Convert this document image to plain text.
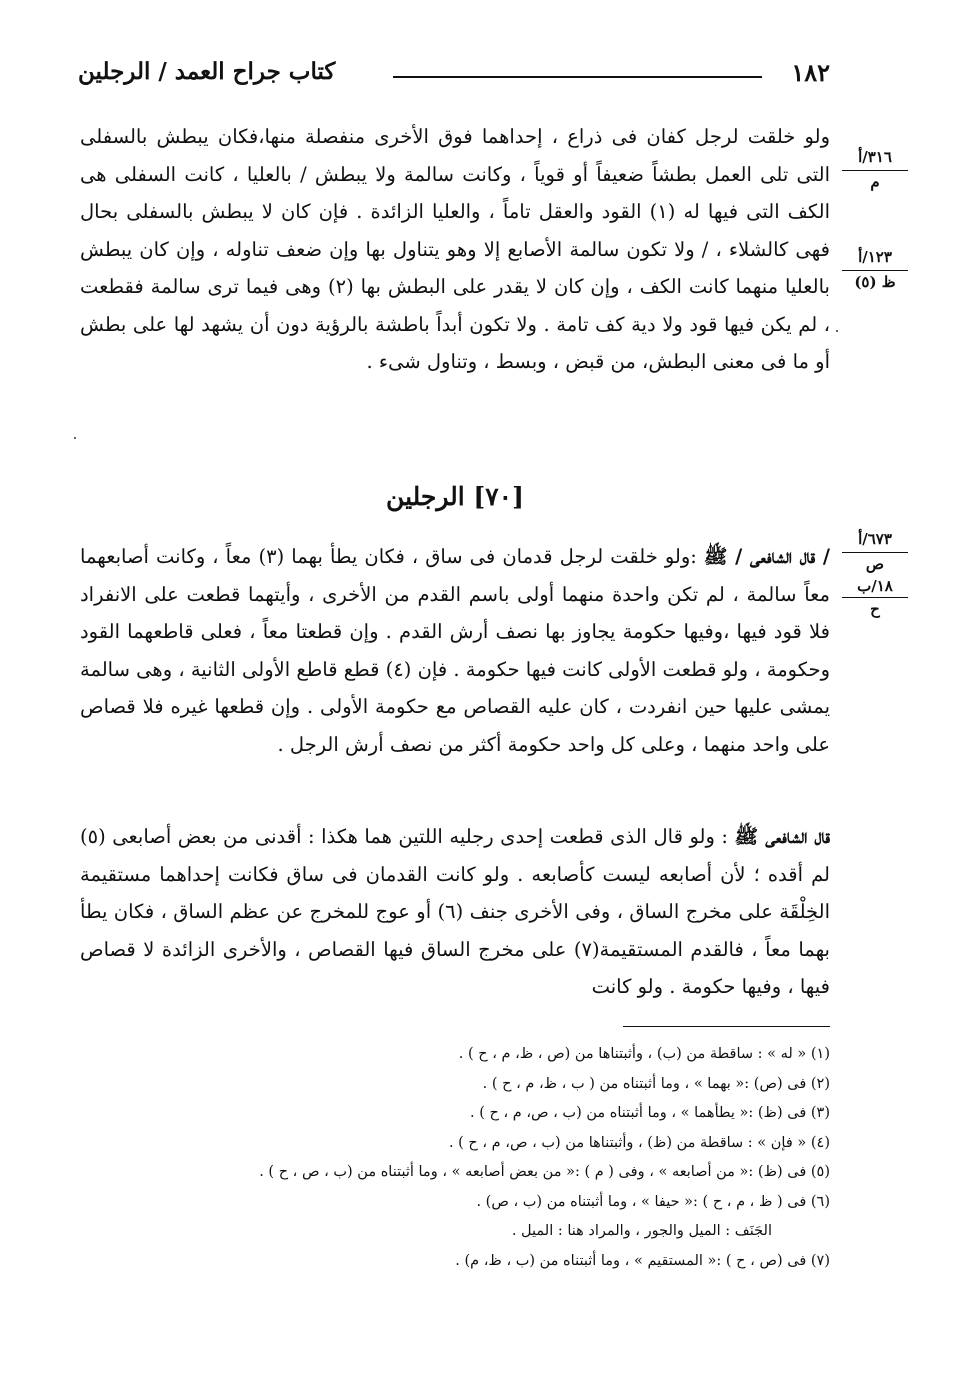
١٨٢
كتاب جراح العمد / الرجلين
٣١٦/أ
م
١٢٣/أ
ظ (٥)
٦٧٣/أ
ص
١٨/ب
ح

ولو خلقت لرجل كفان فى ذراع ، إحداهما فوق الأخرى منفصلة منها،فكان يبطش بالسفلى التى تلى العمل بطشاً ضعيفاً أو قوياً ، وكانت سالمة ولا يبطش / بالعليا ، كانت السفلى هى الكف التى فيها له (١) القود والعقل تاماً ، والعليا الزائدة . فإن كان لا يبطش بالسفلى بحال فهى كالشلاء ، / ولا تكون سالمة الأصابع إلا وهو يتناول بها وإن ضعف تناوله ، وإن كان يبطش بالعليا منهما كانت الكف ، وإن كان لا يقدر على البطش بها (٢) وهى فيما ترى سالمة فقطعت ، لم يكن فيها قود ولا دية كف تامة . ولا تكون أبداً باطشة بالرؤية دون أن يشهد لها على بطش أو ما فى معنى البطش، من قبض ، وبسط ، وتناول شىء .

[٧٠] الرجلين

/ قال الشافعى / ﷺ :ولو خلقت لرجل قدمان فى ساق ، فكان يطأ بهما (٣) معاً ، وكانت أصابعهما معاً سالمة ، لم تكن واحدة منهما أولى باسم القدم من الأخرى ، وأيتهما قطعت على الانفراد فلا قود فيها ،وفيها حكومة يجاوز بها نصف أرش القدم . وإن قطعتا معاً ، فعلى قاطعهما القود وحكومة ، ولو قطعت الأولى كانت فيها حكومة . فإن (٤) قطع قاطع الأولى الثانية ، وهى سالمة يمشى عليها حين انفردت ، كان عليه القصاص مع حكومة الأولى . وإن قطعها غيره فلا قصاص على واحد منهما ، وعلى كل واحد حكومة أكثر من نصف أرش الرجل .

قال الشافعى ﷺ : ولو قال الذى قطعت إحدى رجليه اللتين هما هكذا : أقدنى من بعض أصابعى (٥) لم أقده ؛ لأن أصابعه ليست كأصابعه . ولو كانت القدمان فى ساق فكانت إحداهما مستقيمة الخِلْقَة على مخرج الساق ، وفى الأخرى جنف (٦) أو عوج للمخرج عن عظم الساق ، فكان يطأ بهما معاً ، فالقدم المستقيمة(٧) على مخرج الساق فيها القصاص ، والأخرى الزائدة لا قصاص فيها ، وفيها حكومة . ولو كانت

(١) « له » : ساقطة من (ب) ، وأثبتناها من (ص ، ظ، م ، ح ) .
(٢) فى (ص) :« بهما » ، وما أثبتناه من ( ب ، ظ، م ، ح ) .
(٣) فى (ظ) :« يطأهما » ، وما أثبتناه من (ب ، ص، م ، ح ) .
(٤) « فإن » : ساقطة من (ظ) ، وأثبتناها من (ب ، ص، م ، ح ) .
(٥) فى (ظ) :« من أصابعه » ، وفى ( م ) :« من بعض أصابعه » ، وما أثبتناه من (ب ، ص ، ح ) .
(٦) فى ( ظ ، م ، ح ) :« حيفا » ، وما أثبتناه من (ب ، ص) .
الجَنَف : الميل والجور ، والمراد هنا : الميل .
(٧) فى (ص ، ح ) :« المستقيم » ، وما أثبتناه من (ب ، ظ، م) .
